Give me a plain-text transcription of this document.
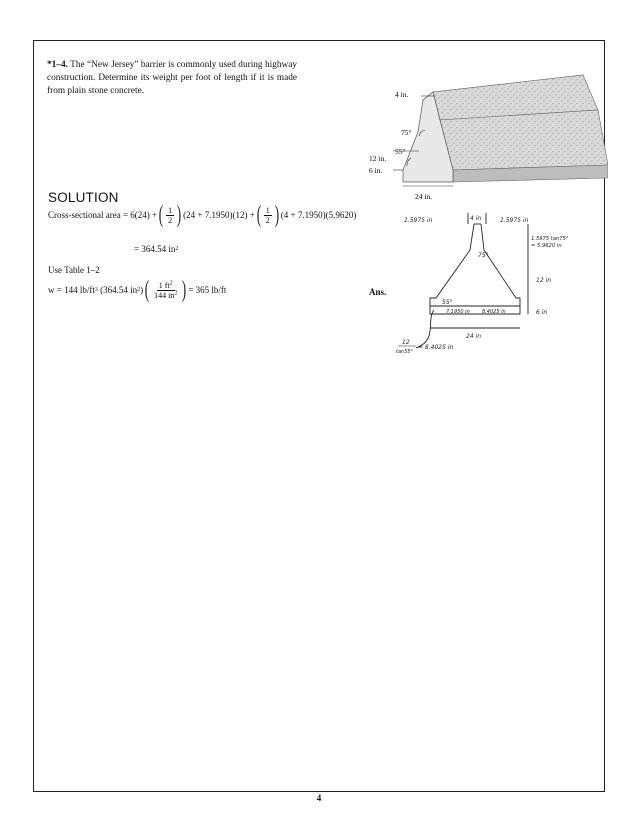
*1–4. The “New Jersey” barrier is commonly used during highway construction. Determine its weight per foot of length if it is made from plain stone concrete.	4 in.
75°
55°
12 in.
6 in.
24 in.
SOLUTION
Cross-sectional area = 6(24) + ( $\frac{1}{2}$ ) (24 + 7.1950)(12) + ( $\frac{1}{2}$ ) (4 + 7.1950)(5.9620)
= 364.54 in 2
Use Table 1–2
w = 144 lb/ft 3
(364.54 in 2 ) ( $\frac{1 ft^2}{144 in^2}$ ) = 365 lb/ft	Ans.
1.5975 in	4 in	1.5975 in
1.5975 tan75°
= 5.9620 in
75°
12 in
55°
7.1950 in 8.4025 in	6 in
24 in
12
tan55°
= 8.4025 in
4
